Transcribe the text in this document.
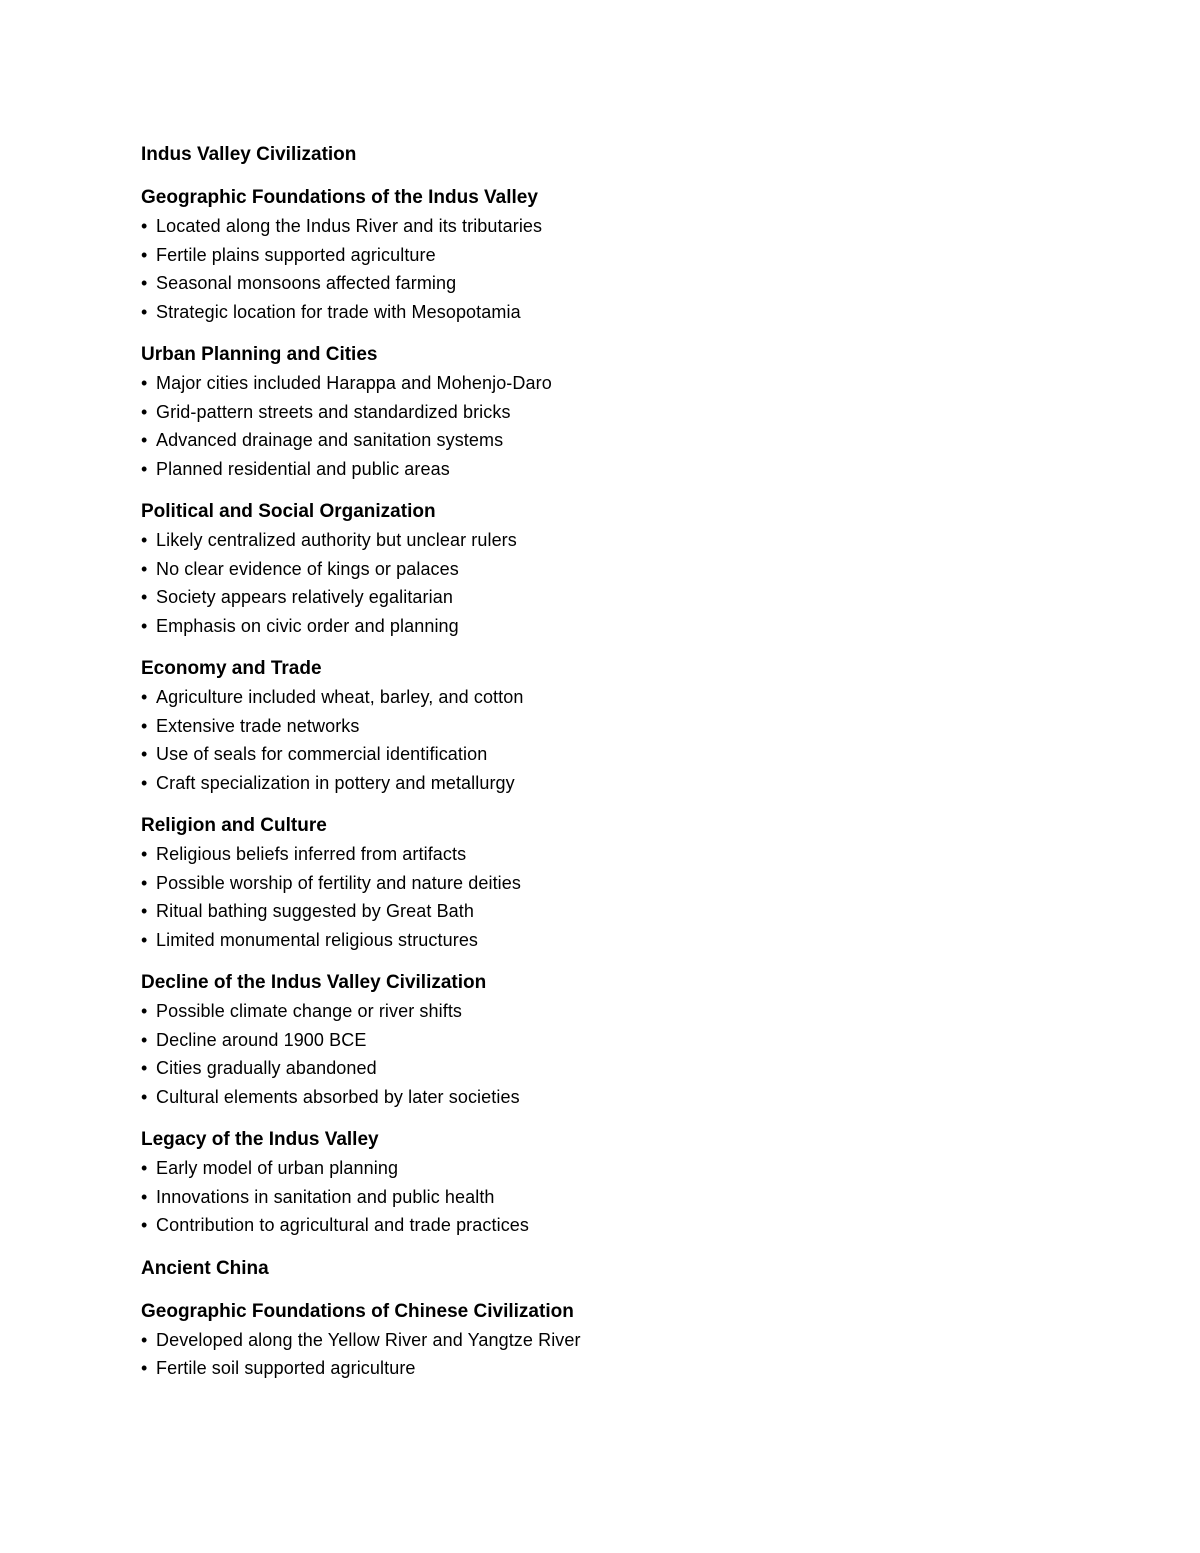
Indus Valley Civilization

Geographic Foundations of the Indus Valley

• Located along the Indus River and its tributaries
• Fertile plains supported agriculture
• Seasonal monsoons affected farming
• Strategic location for trade with Mesopotamia

Urban Planning and Cities

• Major cities included Harappa and Mohenjo-Daro
• Grid-pattern streets and standardized bricks
• Advanced drainage and sanitation systems
• Planned residential and public areas

Political and Social Organization

• Likely centralized authority but unclear rulers
• No clear evidence of kings or palaces
• Society appears relatively egalitarian
• Emphasis on civic order and planning

Economy and Trade

• Agriculture included wheat, barley, and cotton
• Extensive trade networks
• Use of seals for commercial identification
• Craft specialization in pottery and metallurgy

Religion and Culture

• Religious beliefs inferred from artifacts
• Possible worship of fertility and nature deities
• Ritual bathing suggested by Great Bath
• Limited monumental religious structures

Decline of the Indus Valley Civilization

• Possible climate change or river shifts
• Decline around 1900 BCE
• Cities gradually abandoned
• Cultural elements absorbed by later societies

Legacy of the Indus Valley

• Early model of urban planning
• Innovations in sanitation and public health
• Contribution to agricultural and trade practices

Ancient China

Geographic Foundations of Chinese Civilization

• Developed along the Yellow River and Yangtze River
• Fertile soil supported agriculture
